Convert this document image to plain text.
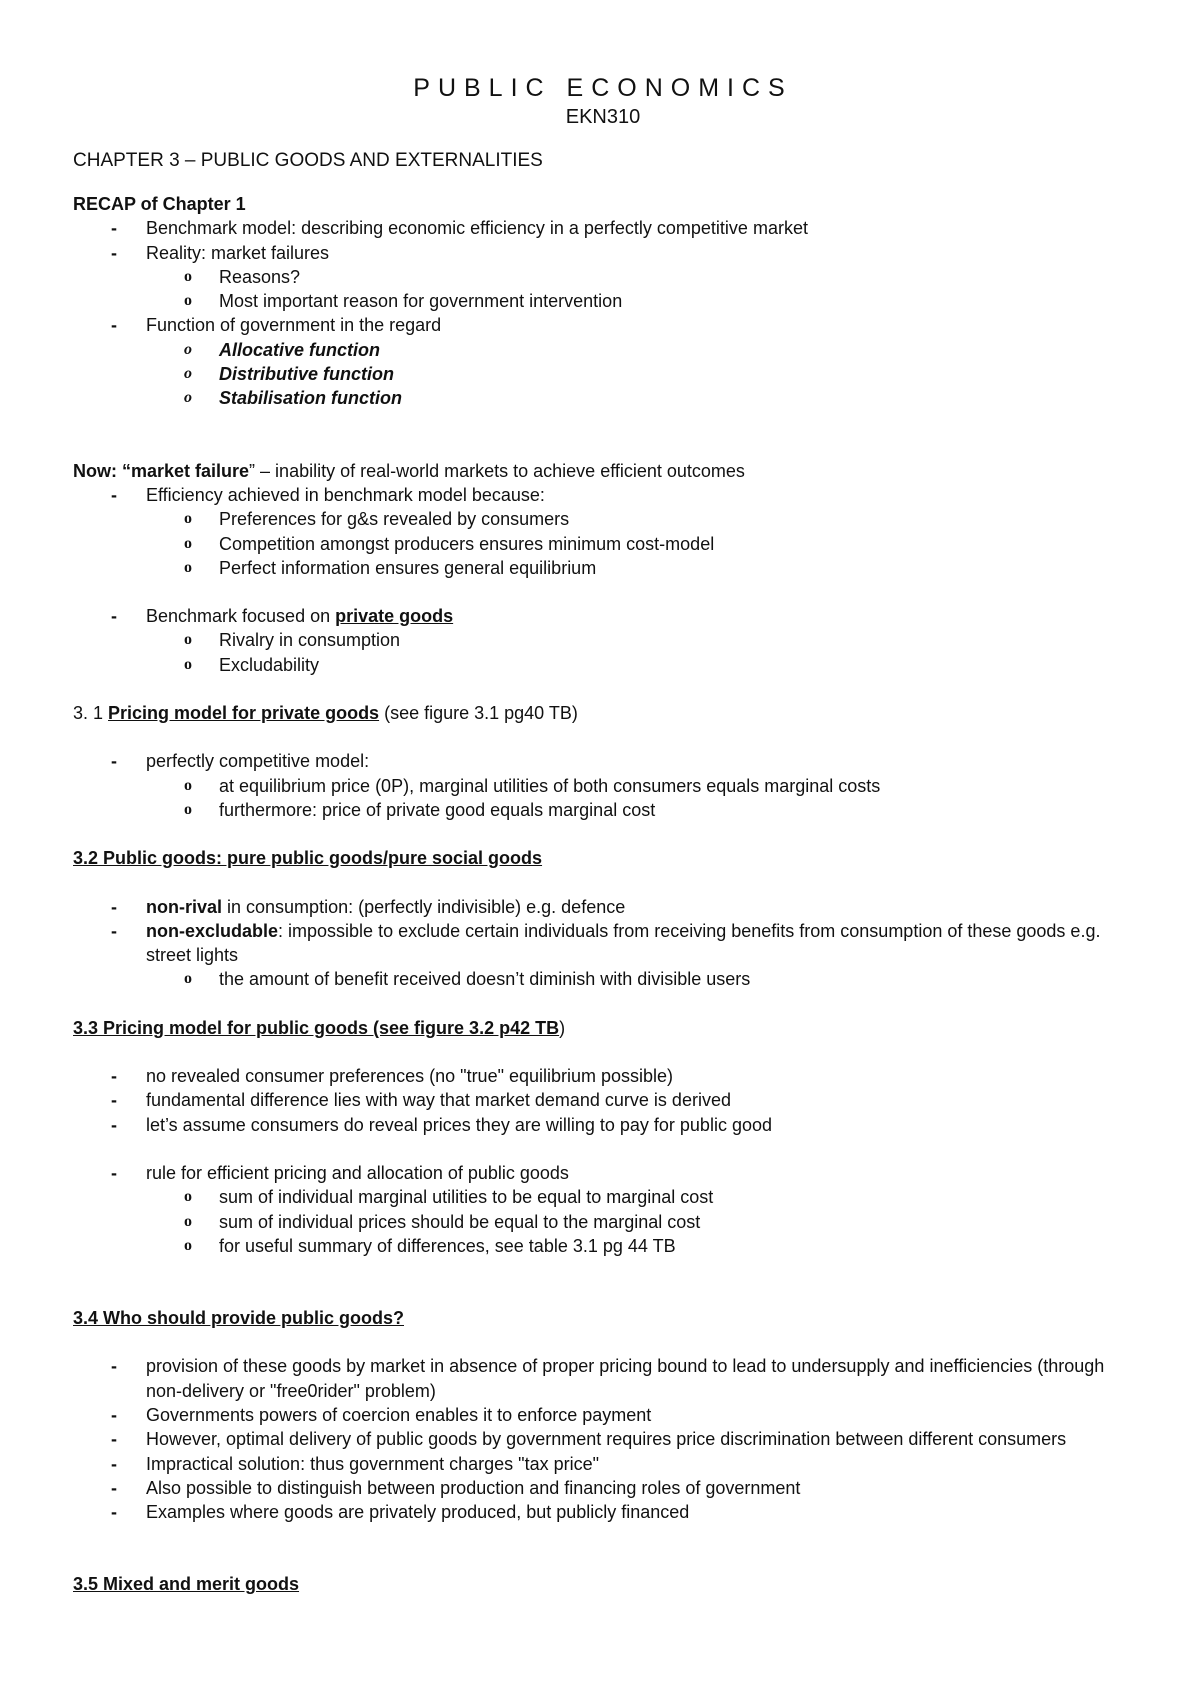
PUBLIC ECONOMICS

EKN310

CHAPTER 3 – PUBLIC GOODS AND EXTERNALITIES

RECAP of Chapter 1

- Benchmark model: describing economic efficiency in a perfectly competitive market
- Reality: market failures
o Reasons?
o Most important reason for government intervention
- Function of government in the regard
o Allocative function
o Distributive function
o Stabilisation function

Now: “market failure” – inability of real-world markets to achieve efficient outcomes

- Efficiency achieved in benchmark model because:
o Preferences for g&s revealed by consumers
o Competition amongst producers ensures minimum cost-model
o Perfect information ensures general equilibrium
- Benchmark focused on private goods
o Rivalry in consumption
o Excludability

3. 1 Pricing model for private goods (see figure 3.1 pg40 TB)

- perfectly competitive model:
o at equilibrium price (0P), marginal utilities of both consumers equals marginal costs
o furthermore: price of private good equals marginal cost

3.2 Public goods: pure public goods/pure social goods

- non-rival in consumption: (perfectly indivisible) e.g. defence
- non-excludable: impossible to exclude certain individuals from receiving benefits from consumption of these goods e.g. street lights
o the amount of benefit received doesn’t diminish with divisible users

3.3 Pricing model for public goods (see figure 3.2 p42 TB)

- no revealed consumer preferences (no "true" equilibrium possible)
- fundamental difference lies with way that market demand curve is derived
- let’s assume consumers do reveal prices they are willing to pay for public good
- rule for efficient pricing and allocation of public goods
o sum of individual marginal utilities to be equal to marginal cost
o sum of individual prices should be equal to the marginal cost
o for useful summary of differences, see table 3.1 pg 44 TB

3.4 Who should provide public goods?

- provision of these goods by market in absence of proper pricing bound to lead to undersupply and inefficiencies (through non-delivery or "free0rider" problem)
- Governments powers of coercion enables it to enforce payment
- However, optimal delivery of public goods by government requires price discrimination between different consumers
- Impractical solution: thus government charges "tax price"
- Also possible to distinguish between production and financing roles of government
- Examples where goods are privately produced, but publicly financed

3.5 Mixed and merit goods
